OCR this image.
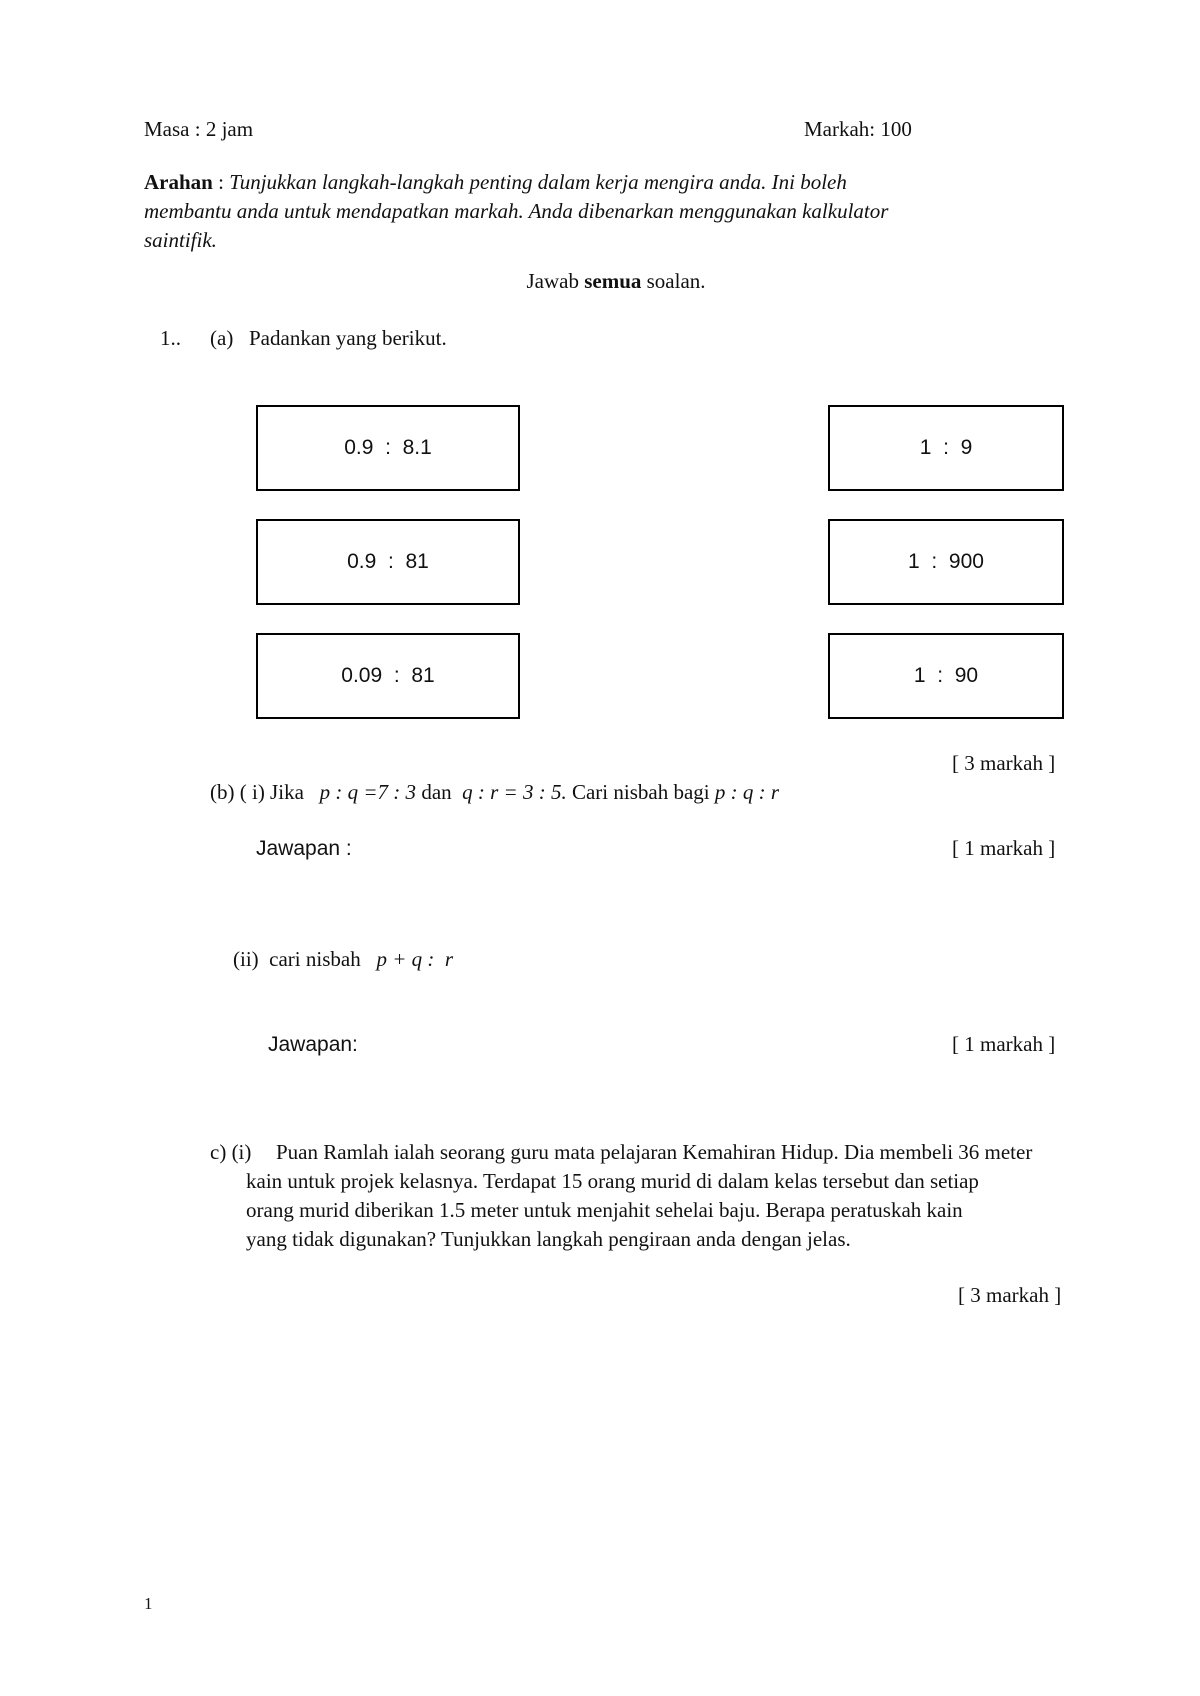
Masa : 2 jam	Markah: 100
Arahan : Tunjukkan langkah-langkah penting dalam kerja mengira anda. Ini boleh
membantu anda untuk mendapatkan markah. Anda dibenarkan menggunakan kalkulator
saintifik.
Jawab semua soalan.
1.. (a) Padankan yang berikut.
0.9  :  8.1
0.9  :  81
0.09  :  81
1  :  9
1  :  900
1  :  90
[ 3 markah ]
(b) ( i) Jika p : q =7 : 3 dan q : r = 3 : 5. Cari nisbah bagi p : q : r
Jawapan :	[ 1 markah ]
(ii) cari nisbah p + q :  r
Jawapan:	[ 1 markah ]
c) (i) Puan Ramlah ialah seorang guru mata pelajaran Kemahiran Hidup. Dia membeli 36 meter
kain untuk projek kelasnya. Terdapat 15 orang murid di dalam kelas tersebut dan setiap
orang murid diberikan 1.5 meter untuk menjahit sehelai baju. Berapa peratuskah kain
yang tidak digunakan? Tunjukkan langkah pengiraan anda dengan jelas.
[ 3 markah ]
1
